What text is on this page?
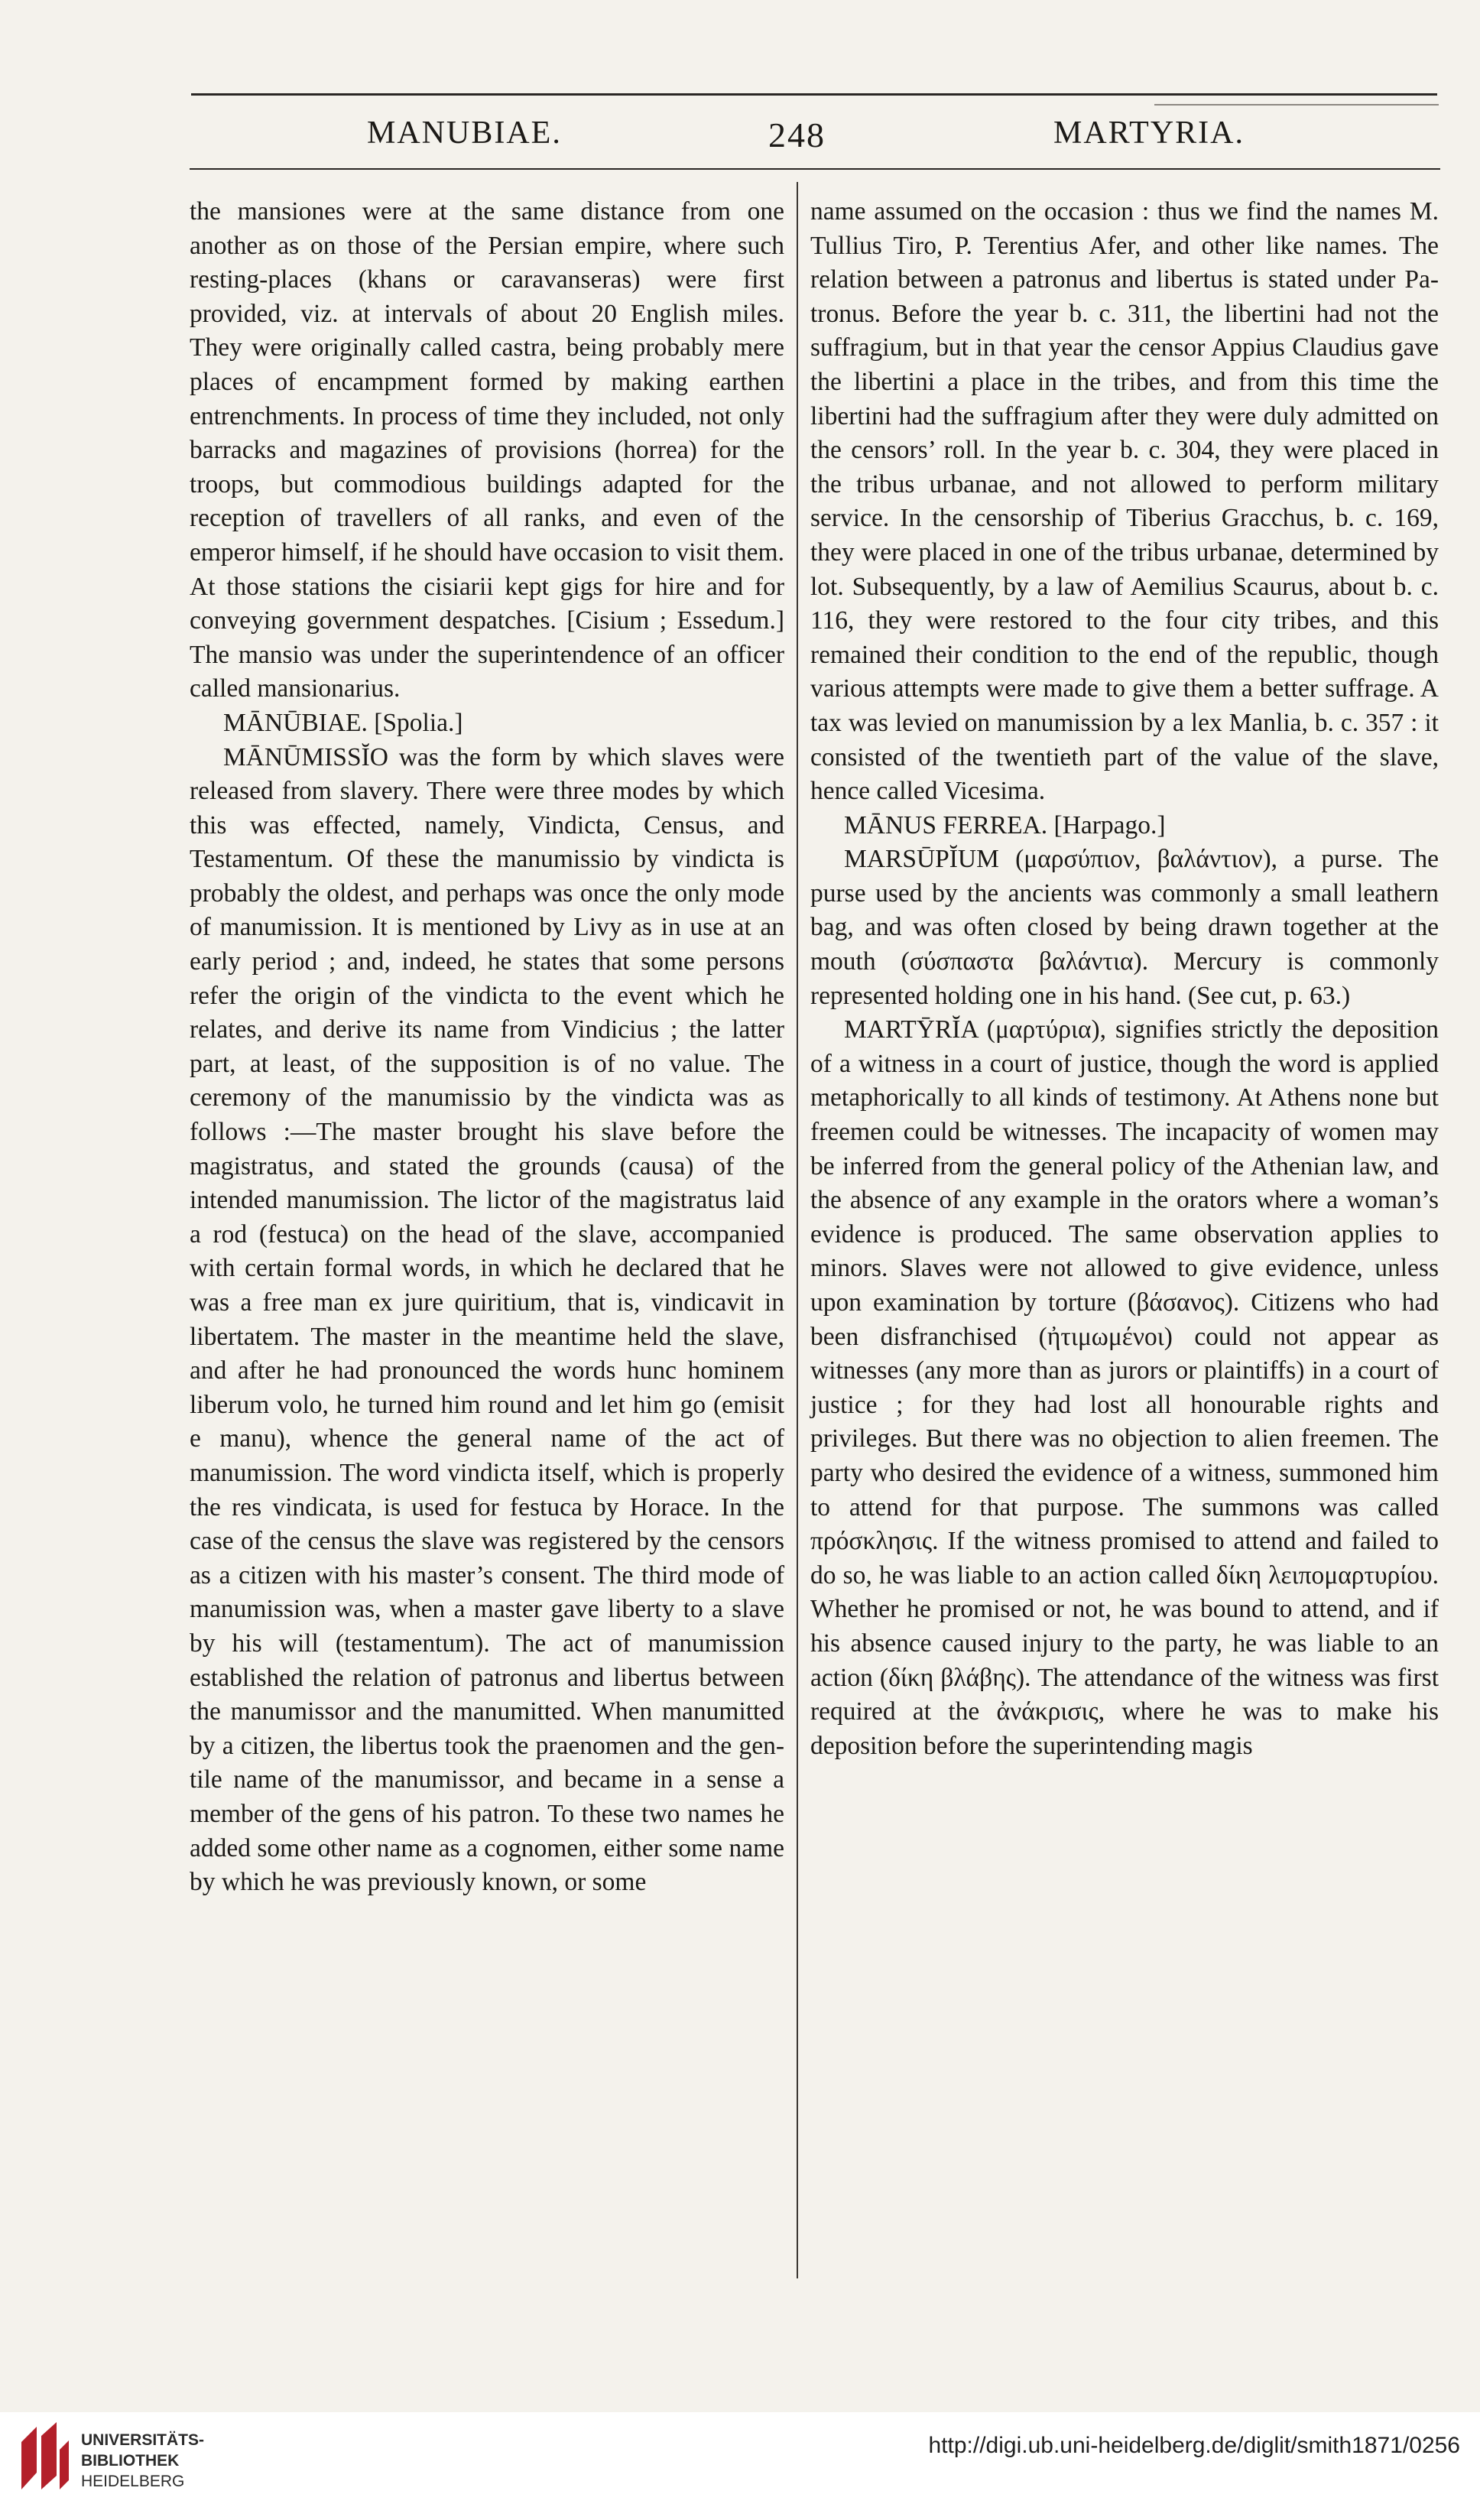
MANUBIAE.	248	MARTYRIA.

the mansiones were at the same distance from one another as on those of the Persian empire, where such resting-places (khans or caravanseras) were first provided, viz. at intervals of about 20 English miles. They were originally called castra, being probably mere places of encampment formed by making earthen entrenchments. In process of time they included, not only barracks and magazines of provisions (horrea) for the troops, but commodious buildings adapted for the reception of travellers of all ranks, and even of the emperor himself, if he should have occasion to visit them. At those stations the cisiarii kept gigs for hire and for conveying government despatches. [Cisium ; Essedum.] The mansio was under the superintendence of an officer called mansionarius.

MĀNŪBIAE. [Spolia.]

MĀNŪMISSĬO was the form by which slaves were released from slavery. There were three modes by which this was effected, namely, Vindicta, Census, and Testamentum. Of these the manumissio by vindicta is probably the oldest, and perhaps was once the only mode of manumission. It is mentioned by Livy as in use at an early period ; and, indeed, he states that some persons refer the origin of the vindicta to the event which he relates, and derive its name from Vindicius ; the latter part, at least, of the supposition is of no value. The ceremony of the manumissio by the vindicta was as follows :—The master brought his slave before the magistratus, and stated the grounds (causa) of the intended manumission. The lictor of the magistratus laid a rod (festuca) on the head of the slave, accompanied with certain formal words, in which he declared that he was a free man ex jure quiritium, that is, vindicavit in libertatem. The master in the meantime held the slave, and after he had pronounced the words hunc hominem liberum volo, he turned him round and let him go (emisit e manu), whence the general name of the act of manumission. The word vindicta itself, which is properly the res vindicata, is used for festuca by Horace. In the case of the census the slave was registered by the censors as a citizen with his master’s consent. The third mode of manumission was, when a master gave liberty to a slave by his will (testamentum). The act of manumission established the relation of patronus and libertus between the manumissor and the manumitted. When manumitted by a citizen, the libertus took the praenomen and the gentile name of the manumissor, and became in a sense a member of the gens of his patron. To these two names he added some other name as a cognomen, either some name by which he was previously known, or some

name assumed on the occasion : thus we find the names M. Tullius Tiro, P. Terentius Afer, and other like names. The relation between a patronus and libertus is stated under Patronus. Before the year b. c. 311, the libertini had not the suffragium, but in that year the censor Appius Claudius gave the libertini a place in the tribes, and from this time the libertini had the suffragium after they were duly admitted on the censors’ roll. In the year b. c. 304, they were placed in the tribus urbanae, and not allowed to perform military service. In the censorship of Tiberius Gracchus, b. c. 169, they were placed in one of the tribus urbanae, determined by lot. Subsequently, by a law of Aemilius Scaurus, about b. c. 116, they were restored to the four city tribes, and this remained their condition to the end of the republic, though various attempts were made to give them a better suffrage. A tax was levied on manumission by a lex Manlia, b. c. 357 : it consisted of the twentieth part of the value of the slave, hence called Vicesima.

MĀNUS FERREA. [Harpago.]

MARSŪPĬUM (μαρσύπιον, βαλάντιον), a purse. The purse used by the ancients was commonly a small leathern bag, and was often closed by being drawn together at the mouth (σύσπαστα βαλάντια). Mercury is commonly represented holding one in his hand. (See cut, p. 63.)

MARTȲRĬA (μαρτύρια), signifies strictly the deposition of a witness in a court of justice, though the word is applied metaphorically to all kinds of testimony. At Athens none but freemen could be witnesses. The incapacity of women may be inferred from the general policy of the Athenian law, and the absence of any example in the orators where a woman’s evidence is produced. The same observation applies to minors. Slaves were not allowed to give evidence, unless upon examination by torture (βάσανος). Citizens who had been disfranchised (ἠτιμωμένοι) could not appear as witnesses (any more than as jurors or plaintiffs) in a court of justice ; for they had lost all honourable rights and privileges. But there was no objection to alien freemen. The party who desired the evidence of a witness, summoned him to attend for that purpose. The summons was called πρόσκλησις. If the witness promised to attend and failed to do so, he was liable to an action called δίκη λειπομαρτυρίου. Whether he promised or not, he was bound to attend, and if his absence caused injury to the party, he was liable to an action (δίκη βλάβης). The attendance of the witness was first required at the ἀνάκρισις, where he was to make his deposition before the superintending magis

UNIVERSITÄTS-
BIBLIOTHEK
HEIDELBERG
http://digi.ub.uni-heidelberg.de/diglit/smith1871/0256
